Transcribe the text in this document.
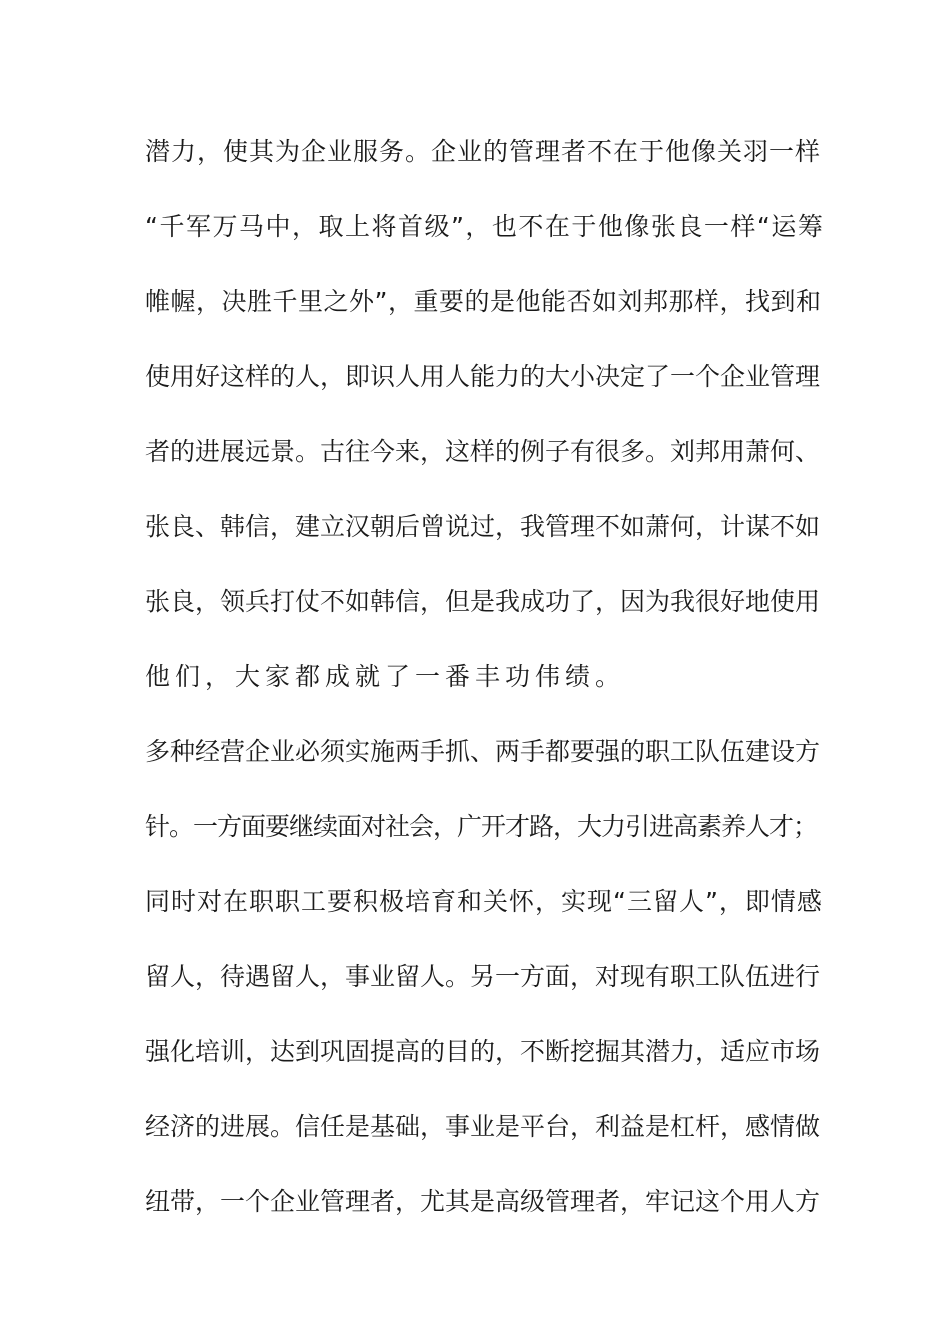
潜力，使其为企业服务。企业的管理者不在于他像关羽一样
“千军万马中，取上将首级”，也不在于他像张良一样“运筹
帷幄，决胜千里之外”，重要的是他能否如刘邦那样，找到和
使用好这样的人，即识人用人能力的大小决定了一个企业管理
者的进展远景。古往今来，这样的例子有很多。刘邦用萧何、
张良、韩信，建立汉朝后曾说过，我管理不如萧何，计谋不如
张良，领兵打仗不如韩信，但是我成功了，因为我很好地使用
他们，大家都成就了一番丰功伟绩。
多种经营企业必须实施两手抓、两手都要强的职工队伍建设方
针。一方面要继续面对社会，广开才路，大力引进高素养人才；
同时对在职职工要积极培育和关怀，实现“三留人”，即情感
留人，待遇留人，事业留人。另一方面，对现有职工队伍进行
强化培训，达到巩固提高的目的，不断挖掘其潜力，适应市场
经济的进展。信任是基础，事业是平台，利益是杠杆，感情做
纽带，一个企业管理者，尤其是高级管理者，牢记这个用人方
